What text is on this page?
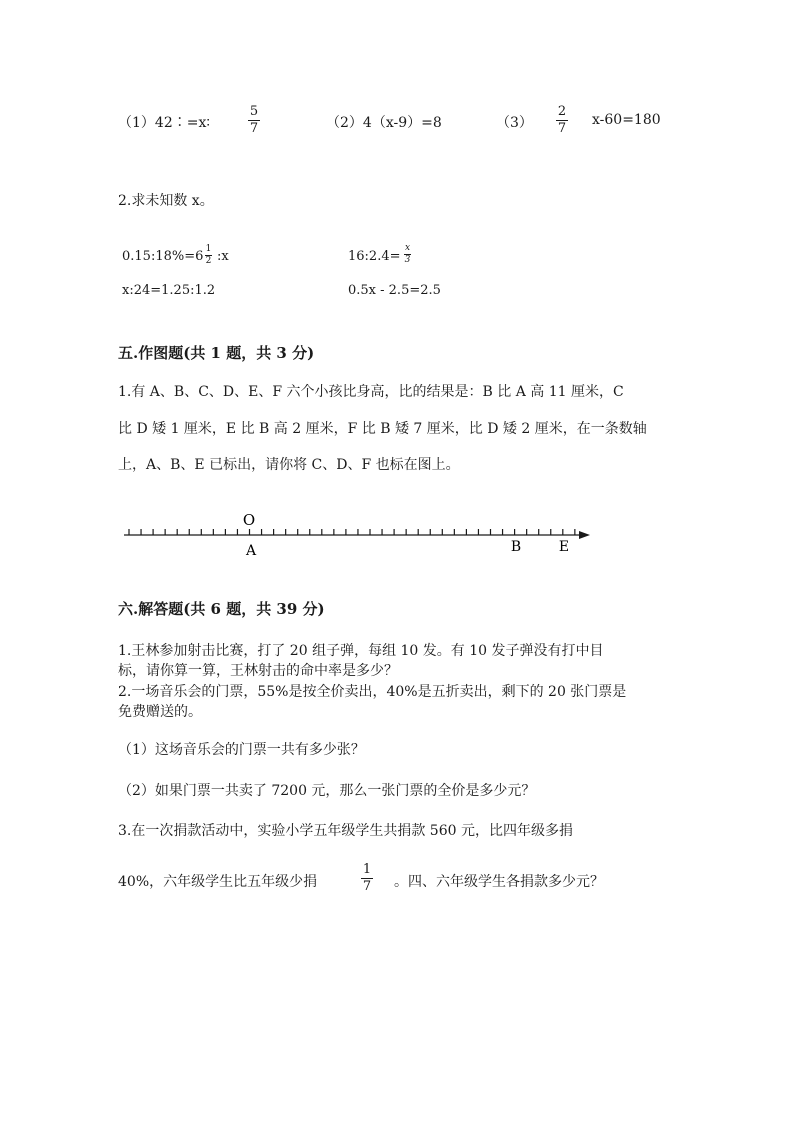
（1）42∶=x∶
5
7	（2）4（x-9）=8	（3）
2
7
x-60=180
2.求未知数 x。
0.15:18%=6 1
2 :x	16:2.4=
x
3
x:24=1.25:1.2	0.5x - 2.5=2.5
五.作图题(共 1 题，共 3 分)
1.有 A、B、C、D、E、F 六个小孩比身高，比的结果是：B 比 A 高 11 厘米，C
比 D 矮 1 厘米，E 比 B 高 2 厘米，F 比 B 矮 7 厘米，比 D 矮 2 厘米，在一条数轴
上，A、B、E 已标出，请你将 C、D、F 也标在图上。
O
A	B	E
六.解答题(共 6 题，共 39 分)
1.王林参加射击比赛，打了 20 组子弹，每组 10 发。有 10 发子弹没有打中目
标，请你算一算，王林射击的命中率是多少？
2.一场音乐会的门票，55%是按全价卖出，40%是五折卖出，剩下的 20 张门票是
免费赠送的。
（1）这场音乐会的门票一共有多少张？
（2）如果门票一共卖了 7200 元，那么一张门票的全价是多少元？
3.在一次捐款活动中，实验小学五年级学生共捐款 560 元，比四年级多捐
40%，六年级学生比五年级少捐
1
7 。四、六年级学生各捐款多少元？
